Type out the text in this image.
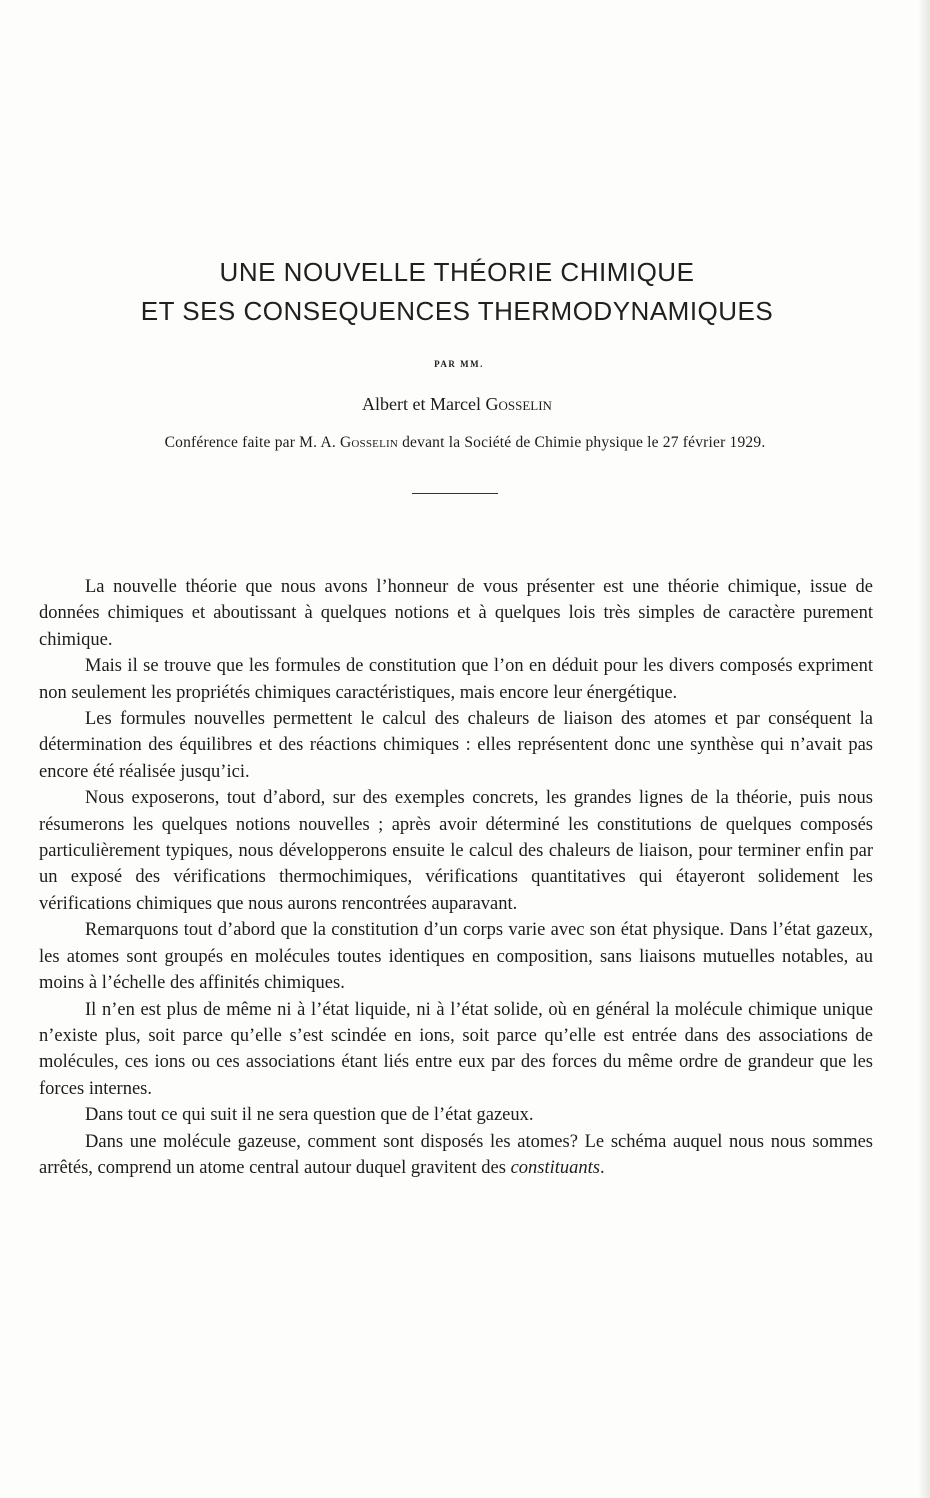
UNE NOUVELLE THÉORIE CHIMIQUE
ET SES CONSEQUENCES THERMODYNAMIQUES
PAR MM.
Albert et Marcel Gosselin
Conférence faite par M. A. Gosselin devant la Société de Chimie physique le 27 février 1929.

La nouvelle théorie que nous avons l’honneur de vous présenter est une théorie chimique, issue de données chimiques et aboutissant à quelques notions et à quelques lois très simples de caractère purement chimique.

Mais il se trouve que les formules de constitution que l’on en déduit pour les divers composés expriment non seulement les propriétés chimiques caractéristiques, mais encore leur énergétique.

Les formules nouvelles permettent le calcul des chaleurs de liaison des atomes et par conséquent la détermination des équilibres et des réactions chimiques : elles représentent donc une synthèse qui n’avait pas encore été réalisée jusqu’ici.

Nous exposerons, tout d’abord, sur des exemples concrets, les grandes lignes de la théorie, puis nous résumerons les quelques notions nouvelles ; après avoir déterminé les constitutions de quelques composés particulièrement typiques, nous développerons ensuite le calcul des chaleurs de liaison, pour terminer enfin par un exposé des vérifications thermochimiques, vérifications quantitatives qui étayeront solidement les vérifications chimiques que nous aurons rencontrées auparavant.

Remarquons tout d’abord que la constitution d’un corps varie avec son état physique. Dans l’état gazeux, les atomes sont groupés en molécules toutes identiques en composition, sans liaisons mutuelles notables, au moins à l’échelle des affinités chimiques.

Il n’en est plus de même ni à l’état liquide, ni à l’état solide, où en général la molécule chimique unique n’existe plus, soit parce qu’elle s’est scindée en ions, soit parce qu’elle est entrée dans des associations de molécules, ces ions ou ces associations étant liés entre eux par des forces du même ordre de grandeur que les forces internes.

Dans tout ce qui suit il ne sera question que de l’état gazeux.

Dans une molécule gazeuse, comment sont disposés les atomes? Le schéma auquel nous nous sommes arrêtés, comprend un atome central autour duquel gravitent des constituants.
